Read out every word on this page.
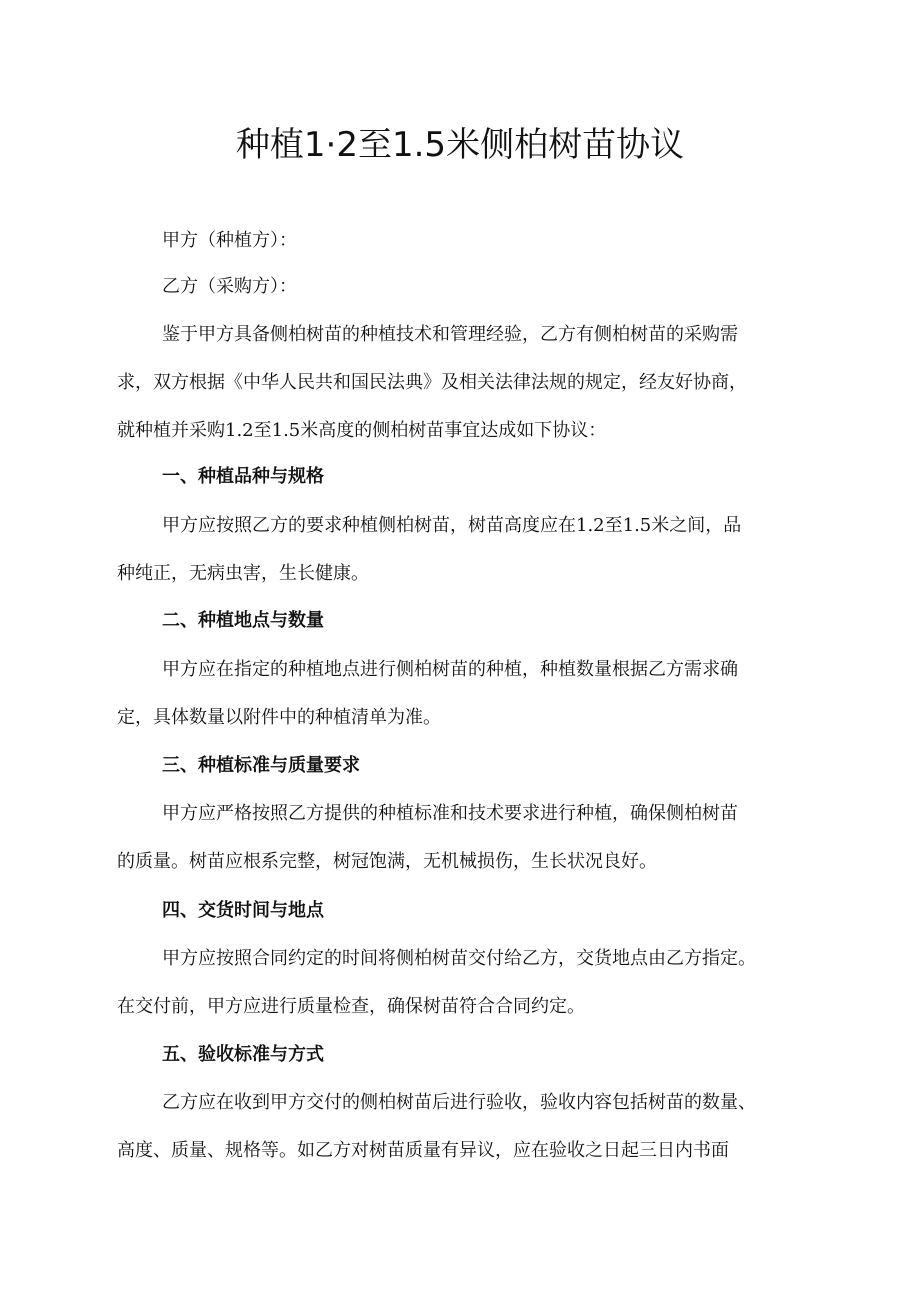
种植1·2至1.5米侧柏树苗协议
甲方（种植方）：
乙方（采购方）：
鉴于甲方具备侧柏树苗的种植技术和管理经验，乙方有侧柏树苗的采购需
求，双方根据《中华人民共和国民法典》及相关法律法规的规定，经友好协商，
就种植并采购1.2至1.5米高度的侧柏树苗事宜达成如下协议：
一、种植品种与规格
甲方应按照乙方的要求种植侧柏树苗，树苗高度应在1.2至1.5米之间，品
种纯正，无病虫害，生长健康。
二、种植地点与数量
甲方应在指定的种植地点进行侧柏树苗的种植，种植数量根据乙方需求确
定，具体数量以附件中的种植清单为准。
三、种植标准与质量要求
甲方应严格按照乙方提供的种植标准和技术要求进行种植，确保侧柏树苗
的质量。树苗应根系完整，树冠饱满，无机械损伤，生长状况良好。
四、交货时间与地点
甲方应按照合同约定的时间将侧柏树苗交付给乙方，交货地点由乙方指定。
在交付前，甲方应进行质量检查，确保树苗符合合同约定。
五、验收标准与方式
乙方应在收到甲方交付的侧柏树苗后进行验收，验收内容包括树苗的数量、
高度、质量、规格等。如乙方对树苗质量有异议，应在验收之日起三日内书面
